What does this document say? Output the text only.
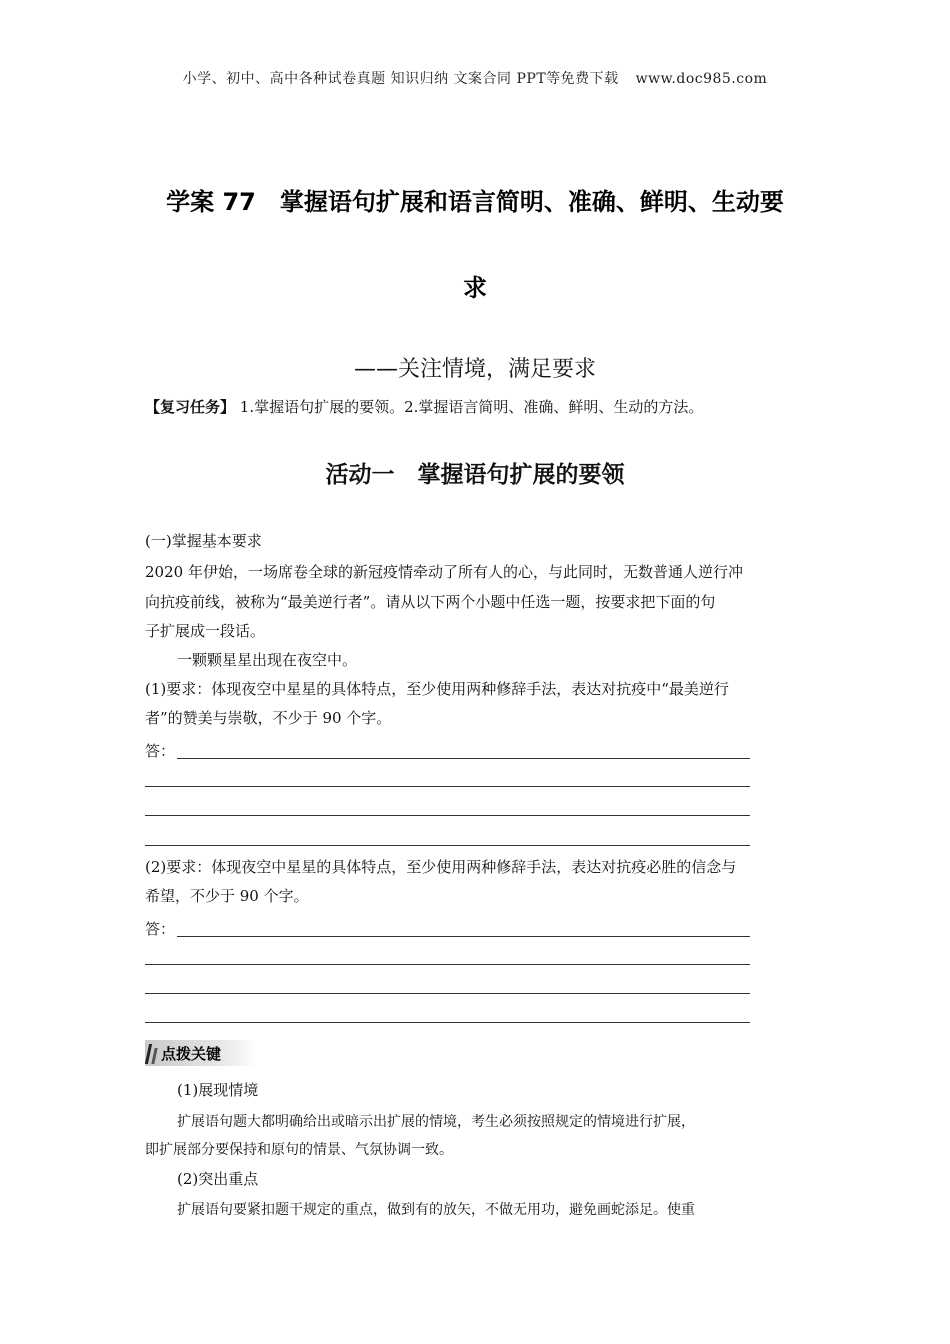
小学、初中、高中各种试卷真题 知识归纳 文案合同 PPT等免费下载 www.doc985.com
学案 77　掌握语句扩展和语言简明、准确、鲜明、生动要
求
——关注情境，满足要求
【复习任务】 1.掌握语句扩展的要领。2.掌握语言简明、准确、鲜明、生动的方法。
活动一　掌握语句扩展的要领
(一)掌握基本要求
2020 年伊始，一场席卷全球的新冠疫情牵动了所有人的心，与此同时，无数普通人逆行冲
向抗疫前线，被称为“最美逆行者”。请从以下两个小题中任选一题，按要求把下面的句
子扩展成一段话。
一颗颗星星出现在夜空中。
(1)要求：体现夜空中星星的具体特点，至少使用两种修辞手法，表达对抗疫中“最美逆行
者”的赞美与崇敬，不少于 90 个字。
答：
(2)要求：体现夜空中星星的具体特点，至少使用两种修辞手法，表达对抗疫必胜的信念与
希望，不少于 90 个字。
答：
点拨关键
(1)展现情境
扩展语句题大都明确给出或暗示出扩展的情境，考生必须按照规定的情境进行扩展，
即扩展部分要保持和原句的情景、气氛协调一致。
(2)突出重点
扩展语句要紧扣题干规定的重点，做到有的放矢，不做无用功，避免画蛇添足。使重
